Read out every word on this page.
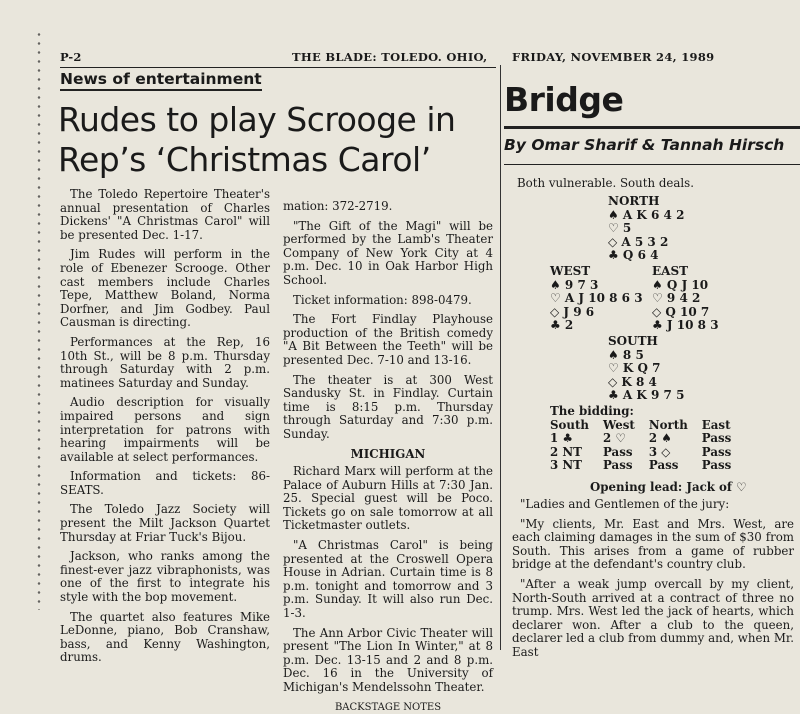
P-2	THE BLADE: TOLEDO. OHIO, FRIDAY, NOVEMBER 24, 1989
News of entertainment
Rudes to play Scrooge in Rep’s ‘Christmas Carol’

The Toledo Repertoire Theater's annual presentation of Charles Dickens' "A Christmas Carol" will be presented Dec. 1-17.

Jim Rudes will perform in the role of Ebenezer Scrooge. Other cast members include Charles Tepe, Matthew Boland, Norma Dorfner, and Jim Godbey. Paul Causman is directing.

Performances at the Rep, 16 10th St., will be 8 p.m. Thursday through Saturday with 2 p.m. matinees Saturday and Sunday.

Audio description for visually impaired persons and sign interpretation for patrons with hearing impairments will be available at select performances.

Information and tickets: 86-SEATS.

The Toledo Jazz Society will present the Milt Jackson Quartet Thursday at Friar Tuck's Bijou.

Jackson, who ranks among the finest-ever jazz vibraphonists, was one of the first to integrate his style with the bop movement.

The quartet also features Mike LeDonne, piano, Bob Cranshaw, bass, and Kenny Washington, drums.

mation: 372-2719.

"The Gift of the Magi" will be performed by the Lamb's Theater Company of New York City at 4 p.m. Dec. 10 in Oak Harbor High School.

Ticket information: 898-0479.

The Fort Findlay Playhouse production of the British comedy "A Bit Between the Teeth" will be presented Dec. 7-10 and 13-16.

The theater is at 300 West Sandusky St. in Findlay. Curtain time is 8:15 p.m. Thursday through Saturday and 7:30 p.m. Sunday.

MICHIGAN

Richard Marx will perform at the Palace of Auburn Hills at 7:30 Jan. 25. Special guest will be Poco. Tickets go on sale tomorrow at all Ticketmaster outlets.

"A Christmas Carol" is being presented at the Croswell Opera House in Adrian. Curtain time is 8 p.m. tonight and tomorrow and 3 p.m. Sunday. It will also run Dec. 1-3.

The Ann Arbor Civic Theater will present "The Lion In Winter," at 8 p.m. Dec. 13-15 and 2 and 8 p.m. Dec. 16 in the University of Michigan's Mendelssohn Theater.

BACKSTAGE NOTES

Bridge
By Omar Sharif & Tannah Hirsch
Both vulnerable. South deals.
NORTH
♠ A K 6 4 2
♡ 5
◇ A 5 3 2
♣ Q 6 4
WEST
♠ 9 7 3
♡ A J 10 8 6 3
◇ J 9 6
♣ 2
EAST
♠ Q J 10
♡ 9 4 2
◇ Q 10 7
♣ J 10 8 3
SOUTH
♠ 8 5
♡ K Q 7
◇ K 8 4
♣ A K 9 7 5
The bidding:
South	West	North	East
1 ♣	2 ♡	2 ♠	Pass
2 NT	Pass	3 ◇	Pass
3 NT	Pass	Pass	Pass
Opening lead: Jack of ♡

"Ladies and Gentlemen of the jury:

"My clients, Mr. East and Mrs. West, are each claiming damages in the sum of $30 from South. This arises from a game of rubber bridge at the defendant's country club.

"After a weak jump overcall by my client, North-South arrived at a contract of three no trump. Mrs. West led the jack of hearts, which declarer won. After a club to the queen, declarer led a club from dummy and, when Mr. East
